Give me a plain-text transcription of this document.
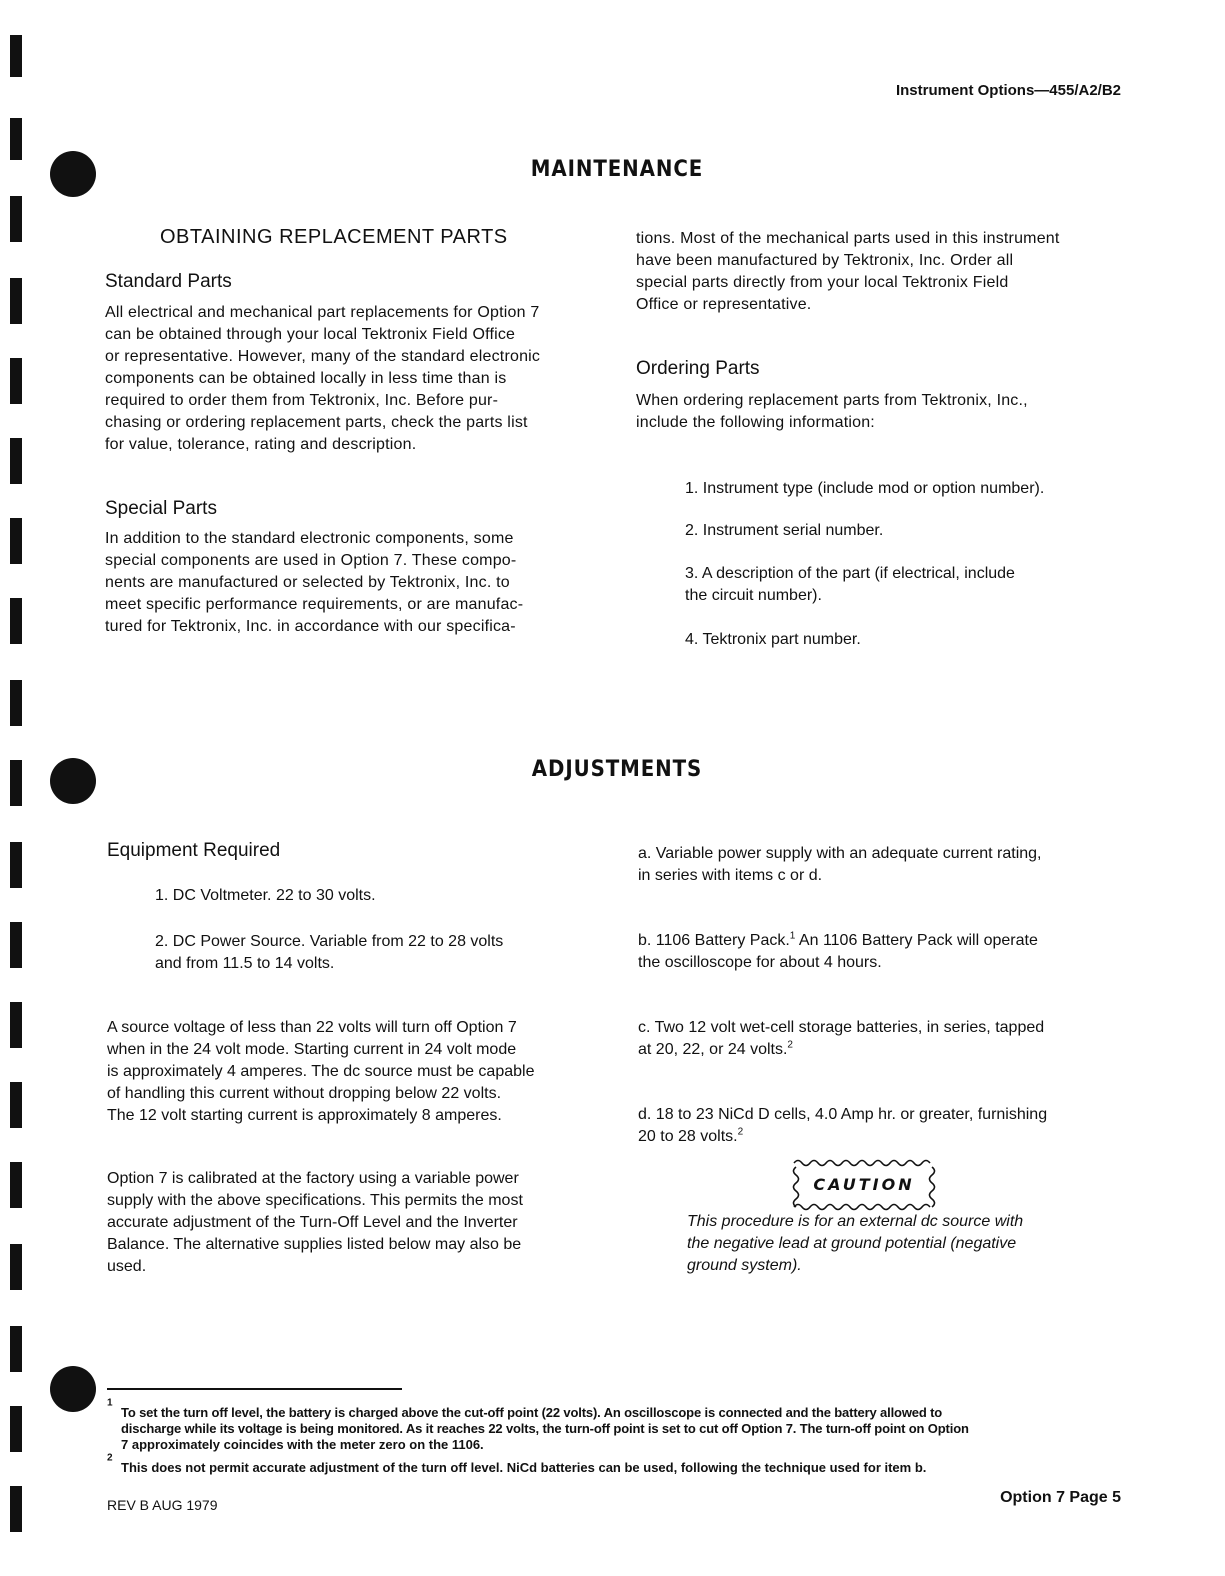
Instrument Options—455/A2/B2
MAINTENANCE
OBTAINING REPLACEMENT PARTS
Standard Parts

All electrical and mechanical part replacements for Option 7

can be obtained through your local Tektronix Field Office

or representative. However, many of the standard electronic

components can be obtained locally in less time than is

required to order them from Tektronix, Inc. Before pur-

chasing or ordering replacement parts, check the parts list

for value, tolerance, rating and description.

Special Parts

In addition to the standard electronic components, some

special components are used in Option 7. These compo-

nents are manufactured or selected by Tektronix, Inc. to

meet specific performance requirements, or are manufac-

tured for Tektronix, Inc. in accordance with our specifica-

tions. Most of the mechanical parts used in this instrument

have been manufactured by Tektronix, Inc. Order all

special parts directly from your local Tektronix Field

Office or representative.

Ordering Parts

When ordering replacement parts from Tektronix, Inc.,

include the following information:

1. Instrument type (include mod or option number).
2. Instrument serial number.
3. A description of the part (if electrical, include
the circuit number).
4. Tektronix part number.
ADJUSTMENTS
Equipment Required
1. DC Voltmeter. 22 to 30 volts.
2. DC Power Source. Variable from 22 to 28 volts
and from 11.5 to 14 volts.

A source voltage of less than 22 volts will turn off Option 7

when in the 24 volt mode. Starting current in 24 volt mode

is approximately 4 amperes. The dc source must be capable

of handling this current without dropping below 22 volts.

The 12 volt starting current is approximately 8 amperes.

Option 7 is calibrated at the factory using a variable power

supply with the above specifications. This permits the most

accurate adjustment of the Turn-Off Level and the Inverter

Balance. The alternative supplies listed below may also be

used.

a. Variable power supply with an adequate current rating,

in series with items c or d.

b. 1106 Battery Pack.$^1$ An 1106 Battery Pack will operate

the oscilloscope for about 4 hours.

c. Two 12 volt wet-cell storage batteries, in series, tapped

at 20, 22, or 24 volts.$^2$

d. 18 to 23 NiCd D cells, 4.0 Amp hr. or greater, furnishing

20 to 28 volts.$^2$

CAUTION

This procedure is for an external dc source with

the negative lead at ground potential (negative

ground system).

$^1$
To set the turn off level, the battery is charged above the cut-off point (22 volts). An oscilloscope is connected and the battery allowed to
discharge while its voltage is being monitored. As it reaches 22 volts, the turn-off point is set to cut off Option 7. The turn-off point on Option
7 approximately coincides with the meter zero on the 1106.
$^2$
This does not permit accurate adjustment of the turn off level. NiCd batteries can be used, following the technique used for item b.
REV B AUG 1979	Option 7 Page 5
